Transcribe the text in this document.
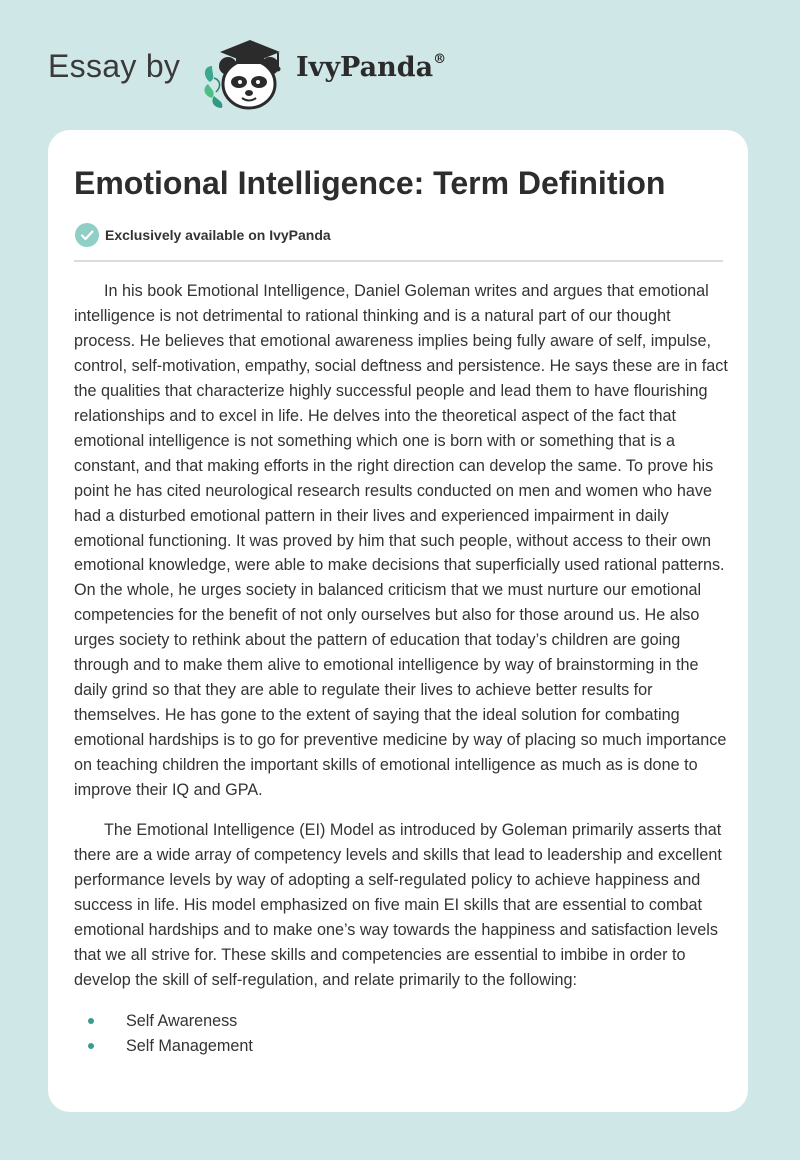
Essay by	IvyPanda®
Emotional Intelligence: Term Definition
Exclusively available on IvyPanda

In his book Emotional Intelligence, Daniel Goleman writes and argues that emotional intelligence is not detrimental to rational thinking and is a natural part of our thought process. He believes that emotional awareness implies being fully aware of self, impulse, control, self-motivation, empathy, social deftness and persistence. He says these are in fact the qualities that characterize highly successful people and lead them to have flourishing relationships and to excel in life. He delves into the theoretical aspect of the fact that emotional intelligence is not something which one is born with or something that is a constant, and that making efforts in the right direction can develop the same. To prove his point he has cited neurological research results conducted on men and women who have had a disturbed emotional pattern in their lives and experienced impairment in daily emotional functioning. It was proved by him that such people, without access to their own emotional knowledge, were able to make decisions that superficially used rational patterns. On the whole, he urges society in balanced criticism that we must nurture our emotional competencies for the benefit of not only ourselves but also for those around us. He also urges society to rethink about the pattern of education that today’s children are going through and to make them alive to emotional intelligence by way of brainstorming in the daily grind so that they are able to regulate their lives to achieve better results for themselves. He has gone to the extent of saying that the ideal solution for combating emotional hardships is to go for preventive medicine by way of placing so much importance on teaching children the important skills of emotional intelligence as much as is done to improve their IQ and GPA.

The Emotional Intelligence (EI) Model as introduced by Goleman primarily asserts that there are a wide array of competency levels and skills that lead to leadership and excellent performance levels by way of adopting a self-regulated policy to achieve happiness and success in life. His model emphasized on five main EI skills that are essential to combat emotional hardships and to make one’s way towards the happiness and satisfaction levels that we all strive for. These skills and competencies are essential to imbibe in order to develop the skill of self-regulation, and relate primarily to the following:

Self Awareness
Self Management
